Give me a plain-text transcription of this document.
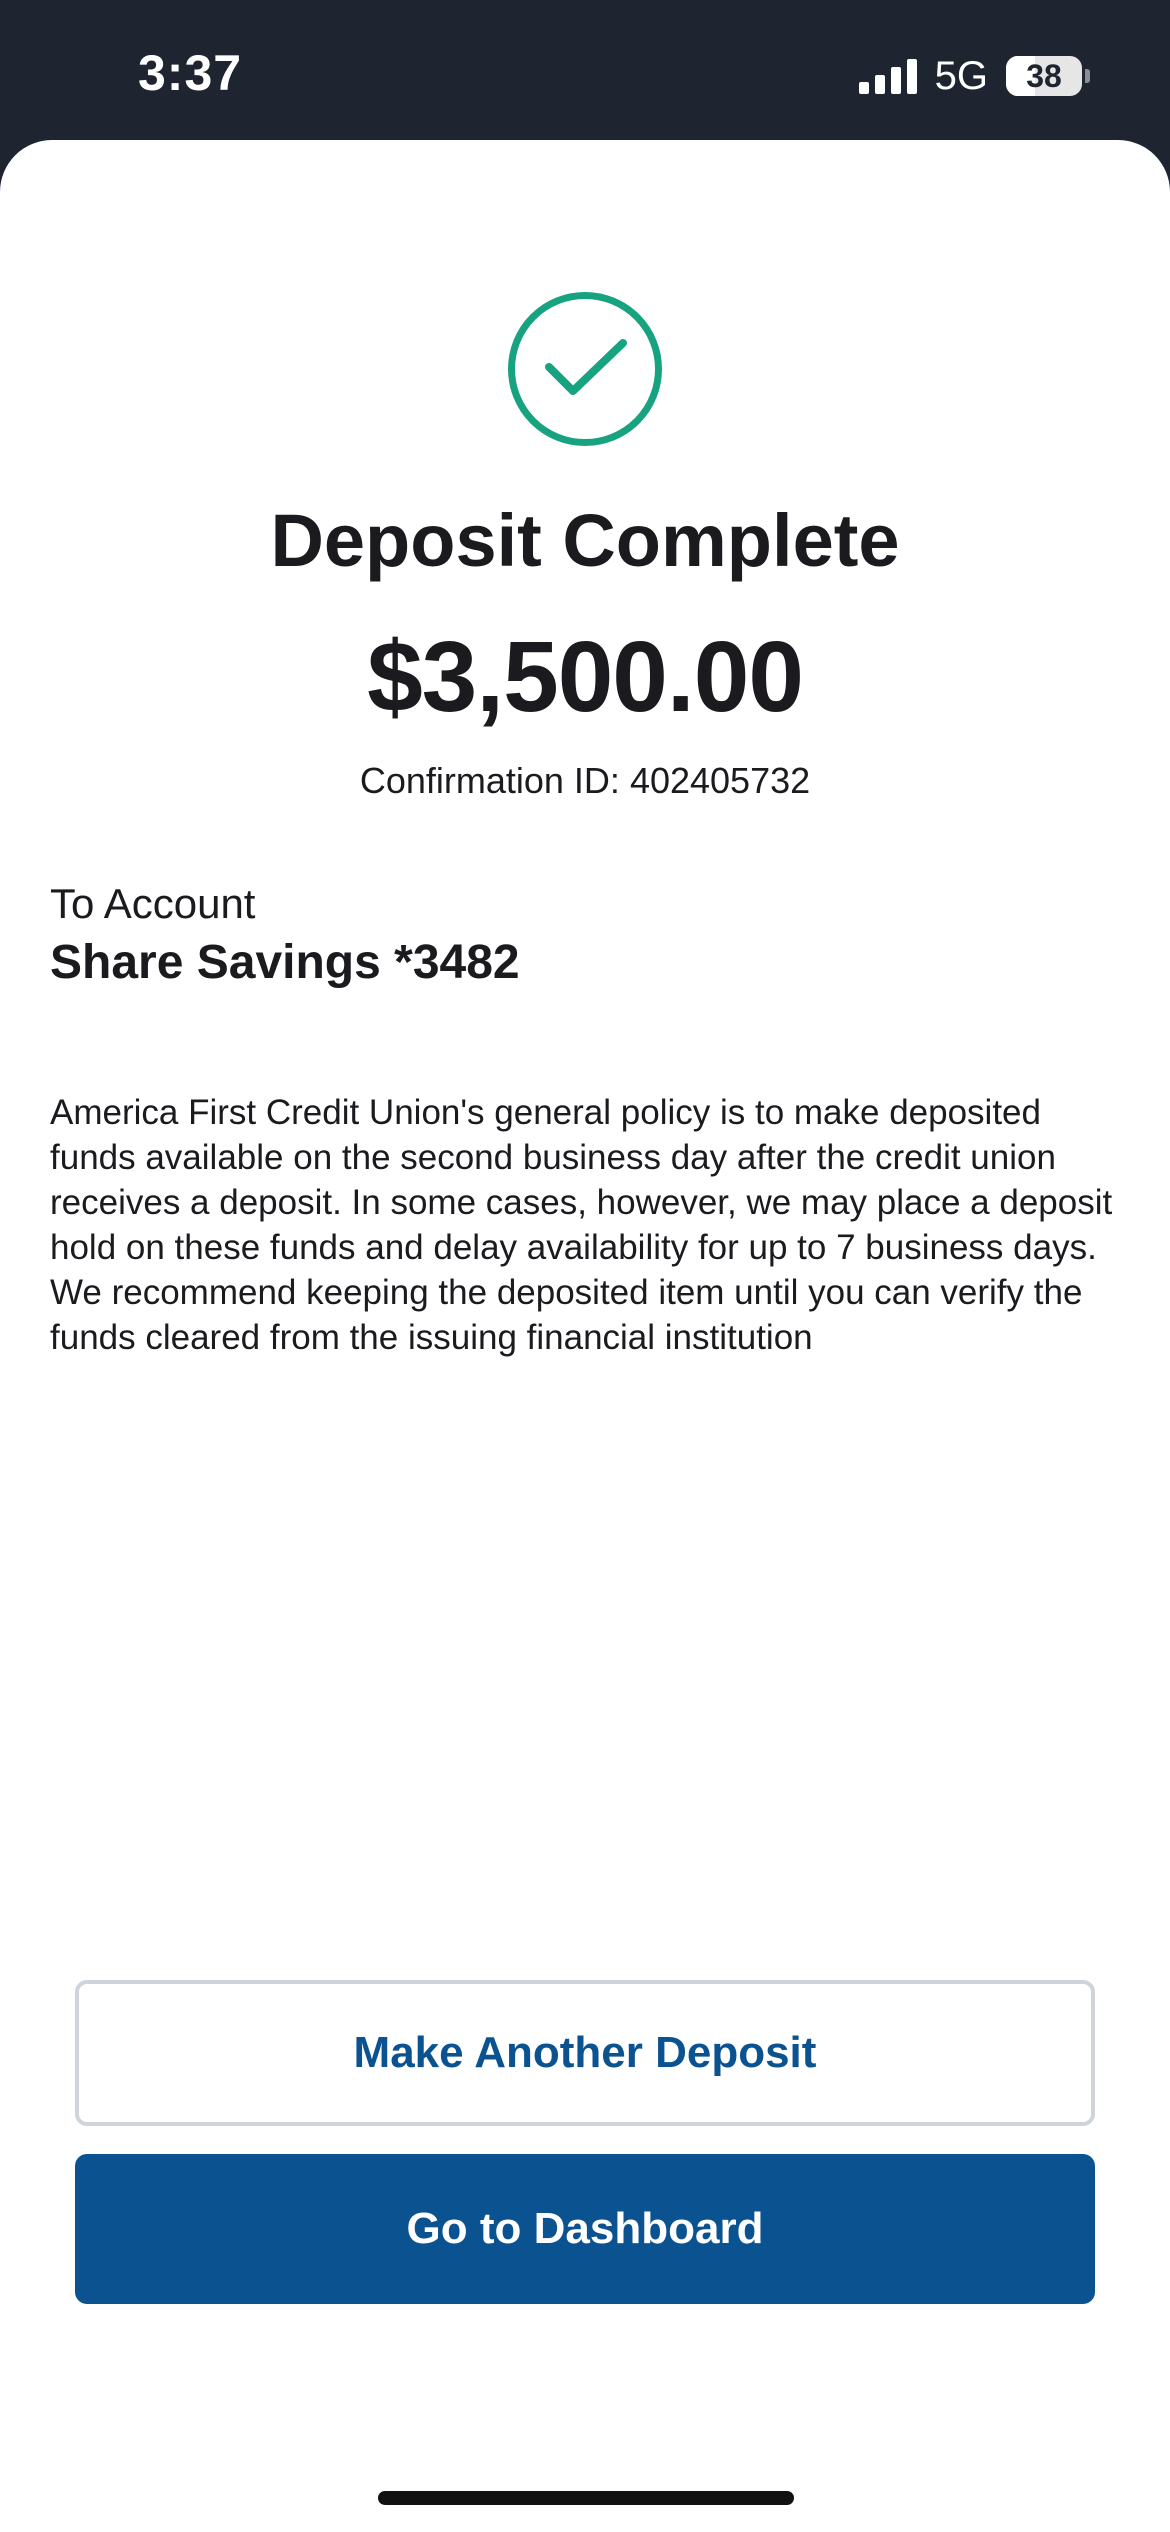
3:37	5G 38
Deposit Complete
$3,500.00
Confirmation ID: 402405732
To Account
Share Savings *3482
America First Credit Union's general policy is to make deposited funds available on the second business day after the credit union receives a deposit. In some cases, however, we may place a deposit hold on these funds and delay availability for up to 7 business days. We recommend keeping the deposited item until you can verify the funds cleared from the issuing financial institution
Make Another Deposit
Go to Dashboard
